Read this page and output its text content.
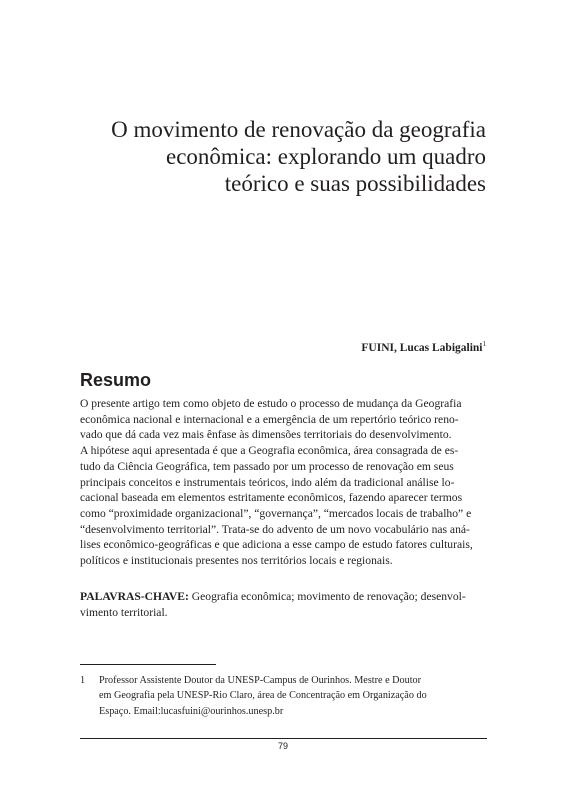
O movimento de renovação da geografia
econômica: explorando um quadro
teórico e suas possibilidades
FUINI, Lucas Labigalini$^1$
Resumo
O presente artigo tem como objeto de estudo o processo de mudança da Geografia
econômica nacional e internacional e a emergência de um repertório teórico reno-
vado que dá cada vez mais ênfase às dimensões territoriais do desenvolvimento.
A hipótese aqui apresentada é que a Geografia econômica, área consagrada de es-
tudo da Ciência Geográfica, tem passado por um processo de renovação em seus
principais conceitos e instrumentais teóricos, indo além da tradicional análise lo-
cacional baseada em elementos estritamente econômicos, fazendo aparecer termos
como “proximidade organizacional”, “governança”, “mercados locais de trabalho” e
“desenvolvimento territorial”. Trata-se do advento de um novo vocabulário nas aná-
lises econômico-geográficas e que adiciona a esse campo de estudo fatores culturais,
políticos e institucionais presentes nos territórios locais e regionais.
PALAVRAS-CHAVE: Geografia econômica; movimento de renovação; desenvol-
vimento territorial.
1 Professor Assistente Doutor da UNESP-Campus de Ourinhos. Mestre e Doutor
em Geografia pela UNESP-Rio Claro, área de Concentração em Organização do
Espaço. Email:lucasfuini@ourinhos.unesp.br
79
